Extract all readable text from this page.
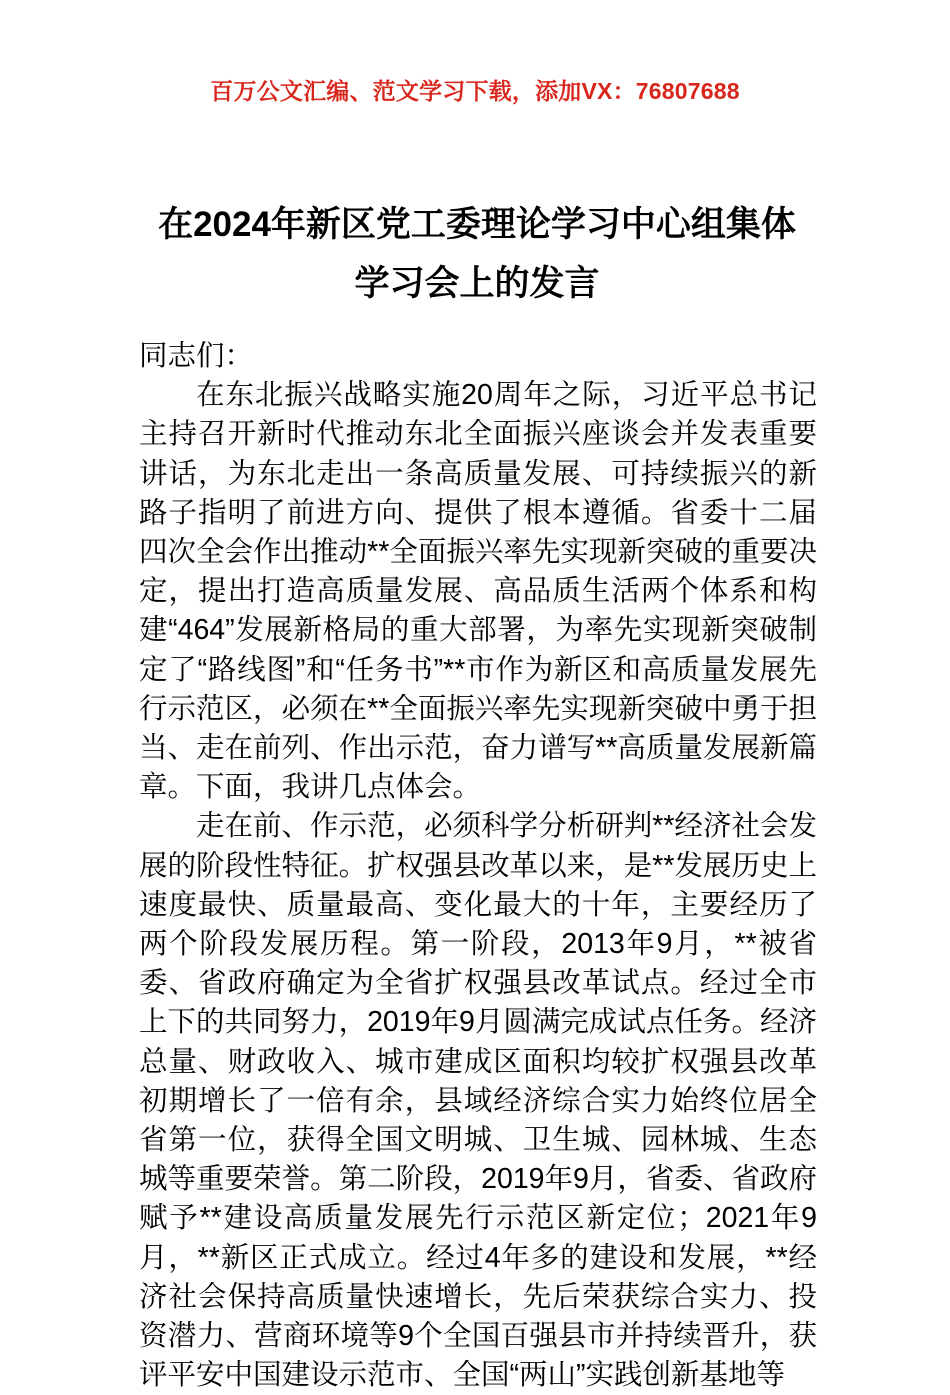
百万公文汇编、范文学习下载，添加VX：76807688
在2024年新区党工委理论学习中心组集体
学习会上的发言

同志们：

在东北振兴战略实施20周年之际，习近平总书记主持召开新时代推动东北全面振兴座谈会并发表重要讲话，为东北走出一条高质量发展、可持续振兴的新路子指明了前进方向、提供了根本遵循。省委十二届四次全会作出推动**全面振兴率先实现新突破的重要决定，提出打造高质量发展、高品质生活两个体系和构建“464”发展新格局的重大部署，为率先实现新突破制定了“路线图”和“任务书”**市作为新区和高质量发展先行示范区，必须在**全面振兴率先实现新突破中勇于担当、走在前列、作出示范，奋力谱写**高质量发展新篇章。下面，我讲几点体会。

走在前、作示范，必须科学分析研判**经济社会发展的阶段性特征。扩权强县改革以来，是**发展历史上速度最快、质量最高、变化最大的十年，主要经历了两个阶段发展历程。第一阶段，2013年9月，**被省委、省政府确定为全省扩权强县改革试点。经过全市上下的共同努力，2019年9月圆满完成试点任务。经济总量、财政收入、城市建成区面积均较扩权强县改革初期增长了一倍有余，县域经济综合实力始终位居全省第一位，获得全国文明城、卫生城、园林城、生态城等重要荣誉。第二阶段，2019年9月，省委、省政府赋予**建设高质量发展先行示范区新定位；2021年9月，**新区正式成立。经过4年多的建设和发展，**经济社会保持高质量快速增长，先后荣获综合实力、投资潜力、营商环境等9个全国百强县市并持续晋升，获评平安中国建设示范市、全国“两山”实践创新基地等
